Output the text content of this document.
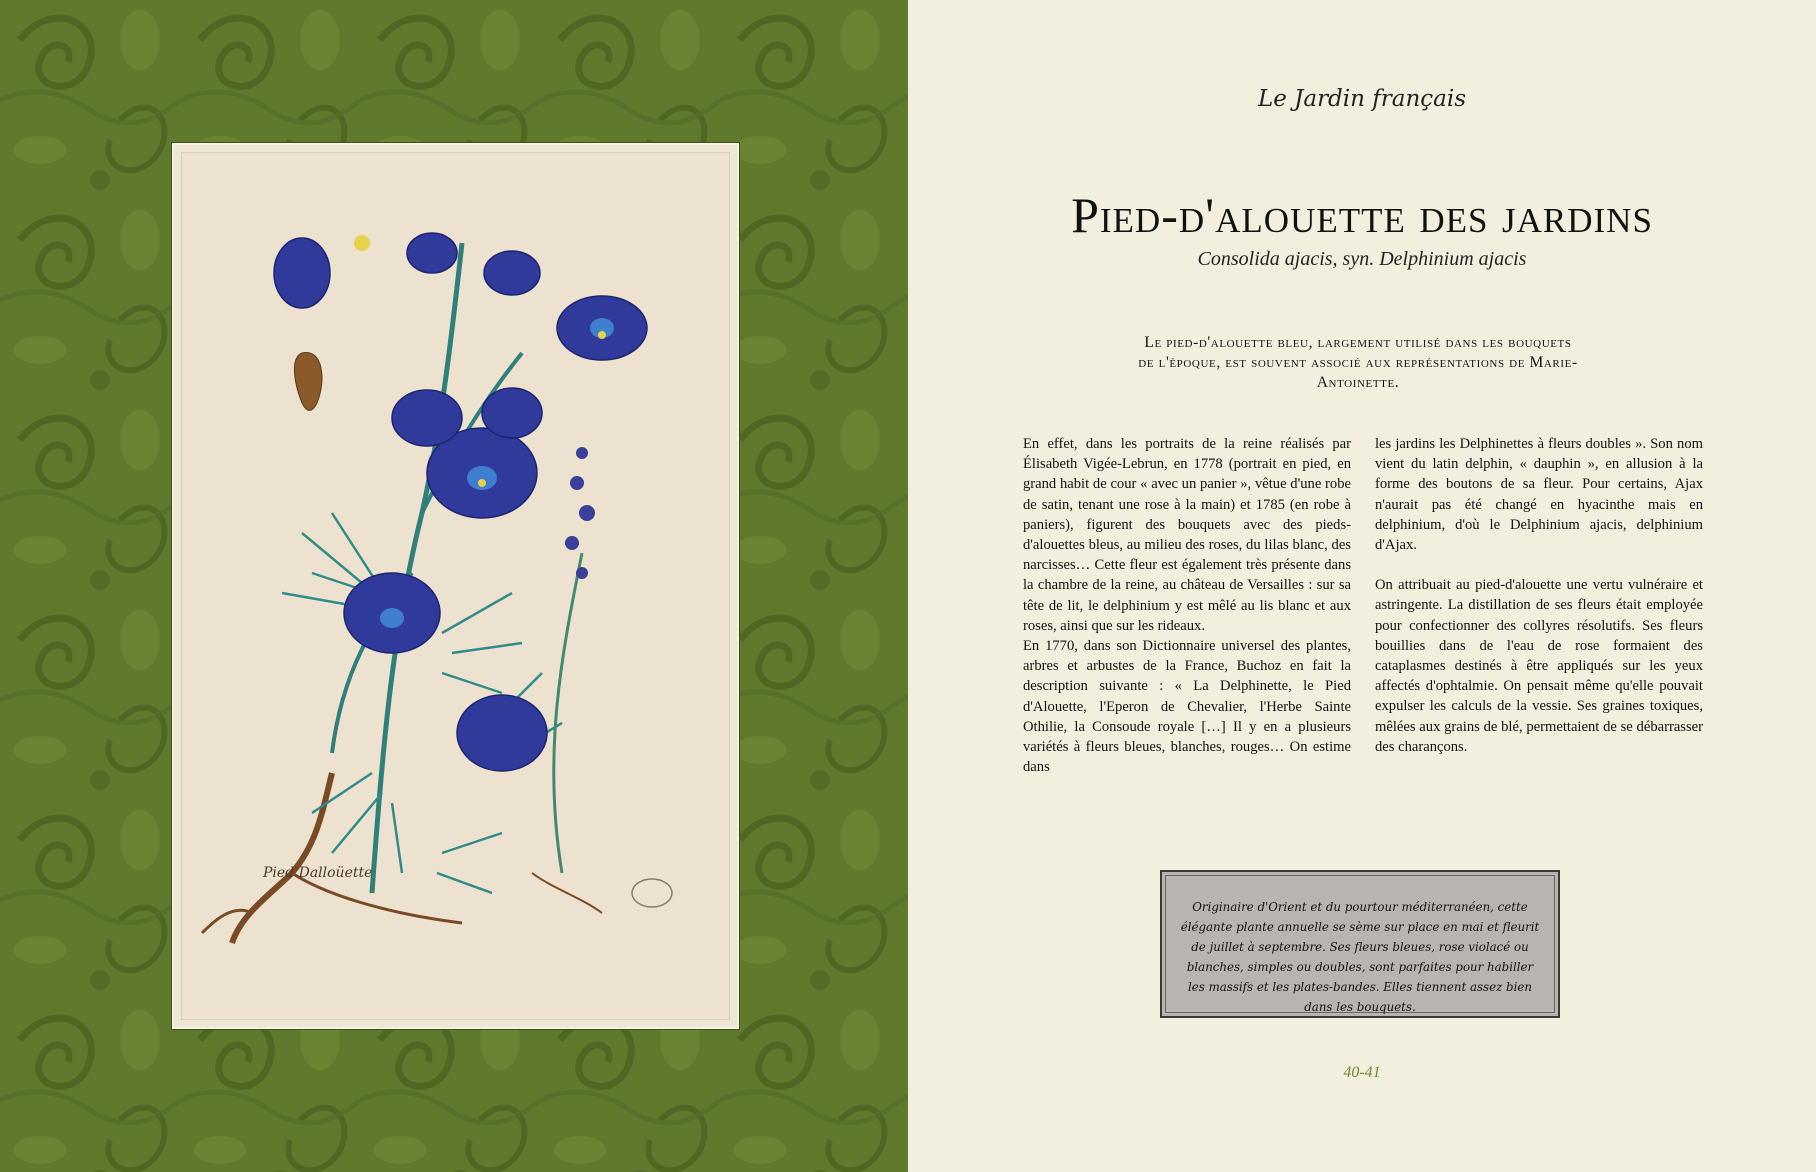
Pied Dalloüette
Le Jardin français
Pied-d'alouette des jardins
Consolida ajacis, syn. Delphinium ajacis
Le pied-d'alouette bleu, largement utilisé dans les bouquets de l'époque, est souvent associé aux représentations de Marie-Antoinette.

En effet, dans les portraits de la reine réalisés par Élisabeth Vigée-Lebrun, en 1778 (portrait en pied, en grand habit de cour « avec un panier », vêtue d'une robe de satin, tenant une rose à la main) et 1785 (en robe à paniers), figurent des bouquets avec des pieds-d'alouettes bleus, au milieu des roses, du lilas blanc, des narcisses… Cette fleur est également très présente dans la chambre de la reine, au château de Versailles : sur sa tête de lit, le delphinium y est mêlé au lis blanc et aux roses, ainsi que sur les rideaux.

En 1770, dans son Dictionnaire universel des plantes, arbres et arbustes de la France, Buchoz en fait la description suivante : « La Delphinette, le Pied d'Alouette, l'Eperon de Chevalier, l'Herbe Sainte Othilie, la Consoude royale […] Il y en a plusieurs variétés à fleurs bleues, blanches, rouges… On estime dans

les jardins les Delphinettes à fleurs doubles ». Son nom vient du latin delphin, « dauphin », en allusion à la forme des boutons de sa fleur. Pour certains, Ajax n'aurait pas été changé en hyacinthe mais en delphinium, d'où le Delphinium ajacis, delphinium d'Ajax.

On attribuait au pied-d'alouette une vertu vulnéraire et astringente. La distillation de ses fleurs était employée pour confectionner des collyres résolutifs. Ses fleurs bouillies dans de l'eau de rose formaient des cataplasmes destinés à être appliqués sur les yeux affectés d'ophtalmie. On pensait même qu'elle pouvait expulser les calculs de la vessie. Ses graines toxiques, mêlées aux grains de blé, permettaient de se débarrasser des charançons.

Originaire d'Orient et du pourtour méditerranéen, cette élégante plante annuelle se sème sur place en mai et fleurit de juillet à septembre. Ses fleurs bleues, rose violacé ou blanches, simples ou doubles, sont parfaites pour habiller les massifs et les plates-bandes. Elles tiennent assez bien dans les bouquets.
40-41
